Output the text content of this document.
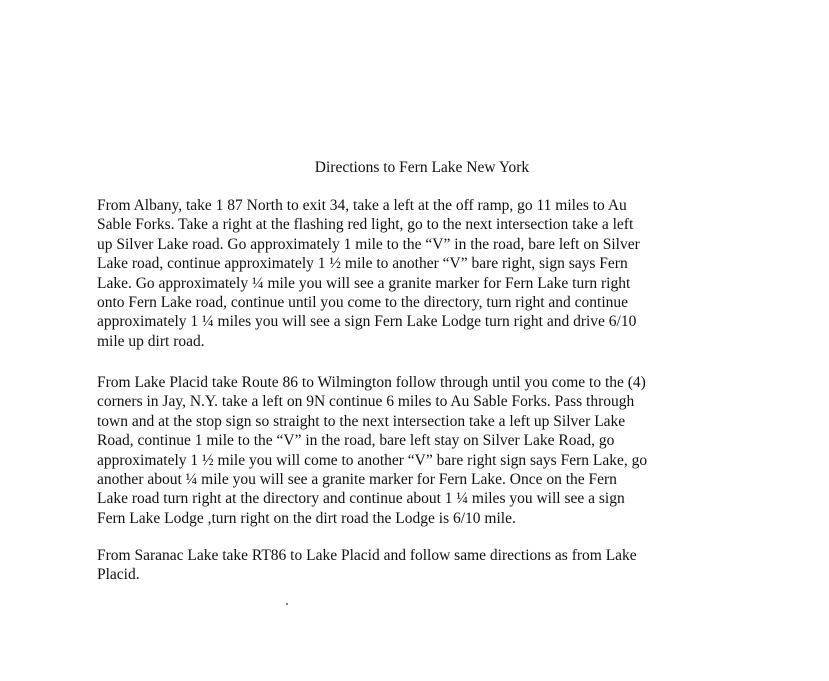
Directions to Fern Lake New York

From Albany, take 1 87 North to exit 34, take a left at the off ramp, go 11 miles to Au
Sable Forks. Take a right at the flashing red light, go to the next intersection take a left
up Silver Lake road. Go approximately 1 mile to the “V” in the road, bare left on Silver
Lake road, continue approximately 1 ½ mile to another “V” bare right, sign says Fern
Lake. Go approximately ¼ mile you will see a granite marker for Fern Lake turn right
onto Fern Lake road, continue until you come to the directory, turn right and continue
approximately 1 ¼ miles you will see a sign Fern Lake Lodge turn right and drive 6/10
mile up dirt road.

From Lake Placid take Route 86 to Wilmington follow through until you come to the (4)
corners in Jay, N.Y. take a left on 9N continue 6 miles to Au Sable Forks. Pass through
town and at the stop sign so straight to the next intersection take a left up Silver Lake
Road, continue 1 mile to the “V” in the road, bare left stay on Silver Lake Road, go
approximately 1 ½ mile you will come to another “V” bare right sign says Fern Lake, go
another about ¼ mile you will see a granite marker for Fern Lake. Once on the Fern
Lake road turn right at the directory and continue about 1 ¼ miles you will see a sign
Fern Lake Lodge ,turn right on the dirt road the Lodge is 6/10 mile.

From Saranac Lake take RT86 to Lake Placid and follow same directions as from Lake
Placid.
